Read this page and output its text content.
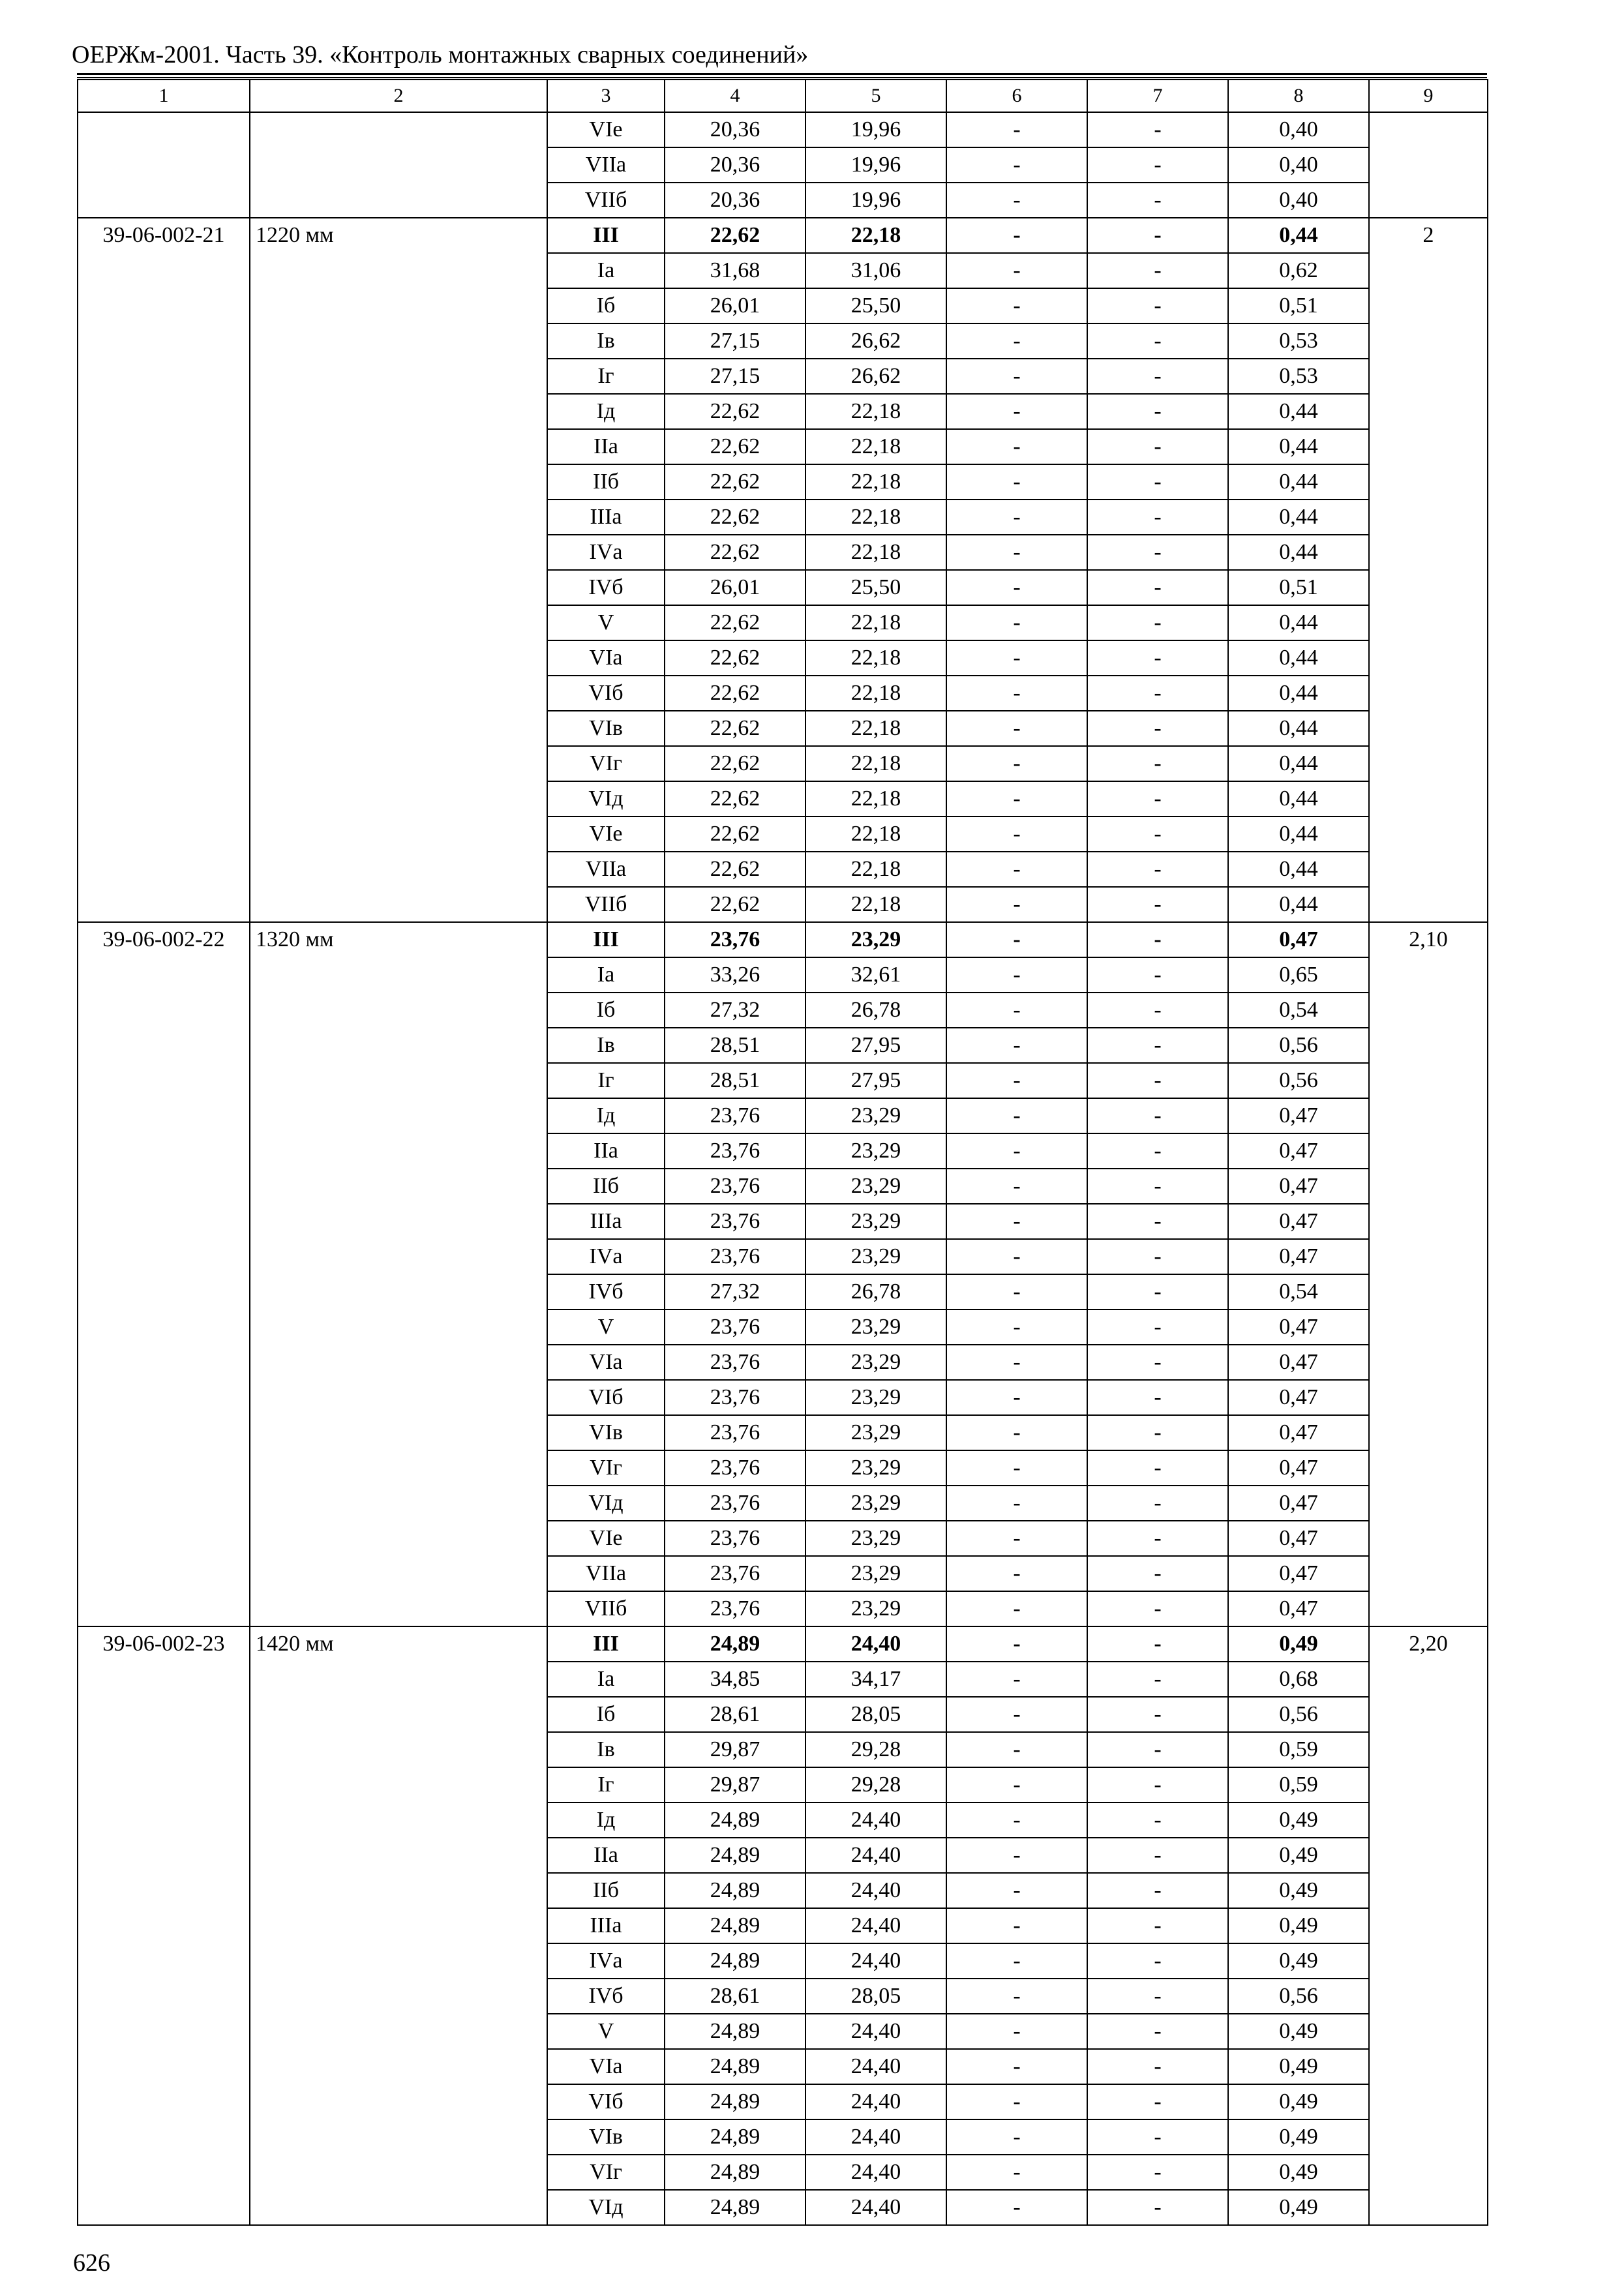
ОЕРЖм-2001. Часть 39. «Контроль монтажных сварных соединений»
1	2	3	4	5	6	7	8	9
		VIе	20,36	19,96	-	-	0,40	
		VIIа	20,36	19,96	-	-	0,40	
		VIIб	20,36	19,96	-	-	0,40	
39-06-002-21	1220 мм	III	22,62	22,18	-	-	0,44	2
		Iа	31,68	31,06	-	-	0,62	
		Iб	26,01	25,50	-	-	0,51	
		Iв	27,15	26,62	-	-	0,53	
		Iг	27,15	26,62	-	-	0,53	
		Iд	22,62	22,18	-	-	0,44	
		IIа	22,62	22,18	-	-	0,44	
		IIб	22,62	22,18	-	-	0,44	
		IIIа	22,62	22,18	-	-	0,44	
		IVа	22,62	22,18	-	-	0,44	
		IVб	26,01	25,50	-	-	0,51	
		V	22,62	22,18	-	-	0,44	
		VIа	22,62	22,18	-	-	0,44	
		VIб	22,62	22,18	-	-	0,44	
		VIв	22,62	22,18	-	-	0,44	
		VIг	22,62	22,18	-	-	0,44	
		VIд	22,62	22,18	-	-	0,44	
		VIе	22,62	22,18	-	-	0,44	
		VIIа	22,62	22,18	-	-	0,44	
		VIIб	22,62	22,18	-	-	0,44	
39-06-002-22	1320 мм	III	23,76	23,29	-	-	0,47	2,10
		Iа	33,26	32,61	-	-	0,65	
		Iб	27,32	26,78	-	-	0,54	
		Iв	28,51	27,95	-	-	0,56	
		Iг	28,51	27,95	-	-	0,56	
		Iд	23,76	23,29	-	-	0,47	
		IIа	23,76	23,29	-	-	0,47	
		IIб	23,76	23,29	-	-	0,47	
		IIIа	23,76	23,29	-	-	0,47	
		IVа	23,76	23,29	-	-	0,47	
		IVб	27,32	26,78	-	-	0,54	
		V	23,76	23,29	-	-	0,47	
		VIа	23,76	23,29	-	-	0,47	
		VIб	23,76	23,29	-	-	0,47	
		VIв	23,76	23,29	-	-	0,47	
		VIг	23,76	23,29	-	-	0,47	
		VIд	23,76	23,29	-	-	0,47	
		VIе	23,76	23,29	-	-	0,47	
		VIIа	23,76	23,29	-	-	0,47	
		VIIб	23,76	23,29	-	-	0,47	
39-06-002-23	1420 мм	III	24,89	24,40	-	-	0,49	2,20
		Iа	34,85	34,17	-	-	0,68	
		Iб	28,61	28,05	-	-	0,56	
		Iв	29,87	29,28	-	-	0,59	
		Iг	29,87	29,28	-	-	0,59	
		Iд	24,89	24,40	-	-	0,49	
		IIа	24,89	24,40	-	-	0,49	
		IIб	24,89	24,40	-	-	0,49	
		IIIа	24,89	24,40	-	-	0,49	
		IVа	24,89	24,40	-	-	0,49	
		IVб	28,61	28,05	-	-	0,56	
		V	24,89	24,40	-	-	0,49	
		VIа	24,89	24,40	-	-	0,49	
		VIб	24,89	24,40	-	-	0,49	
		VIв	24,89	24,40	-	-	0,49	
		VIг	24,89	24,40	-	-	0,49	
		VIд	24,89	24,40	-	-	0,49	
626
